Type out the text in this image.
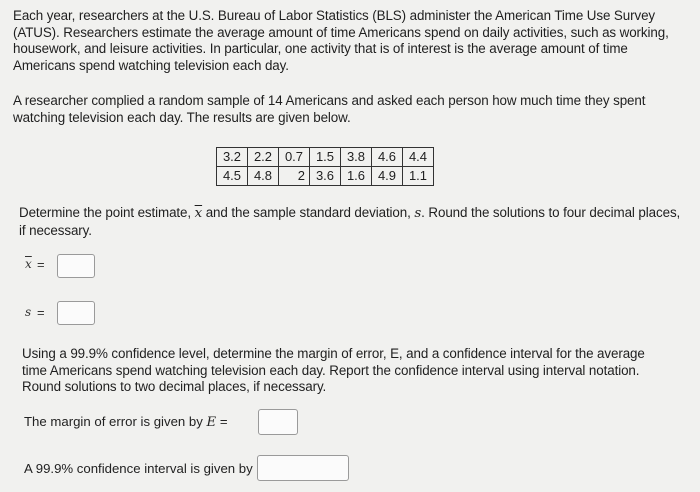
Each year, researchers at the U.S. Bureau of Labor Statistics (BLS) administer the American Time Use Survey (ATUS). Researchers estimate the average amount of time Americans spend on daily activities, such as working, housework, and leisure activities. In particular, one activity that is of interest is the average amount of time Americans spend watching television each day.

A researcher complied a random sample of 14 Americans and asked each person how much time they spent watching television each day. The results are given below.

3.2	2.2	0.7	1.5	3.8	4.6	4.4
4.5	4.8	2	3.6	1.6	4.9	1.1

Determine the point estimate, $\overline{x}$ and the sample standard deviation, s. Round the solutions to four decimal places, if necessary.

$\overline{x}$ =
s =

Using a 99.9% confidence level, determine the margin of error, E, and a confidence interval for the average time Americans spend watching television each day. Report the confidence interval using interval notation. Round solutions to two decimal places, if necessary.

The margin of error is given by E =
A 99.9% confidence interval is given by
